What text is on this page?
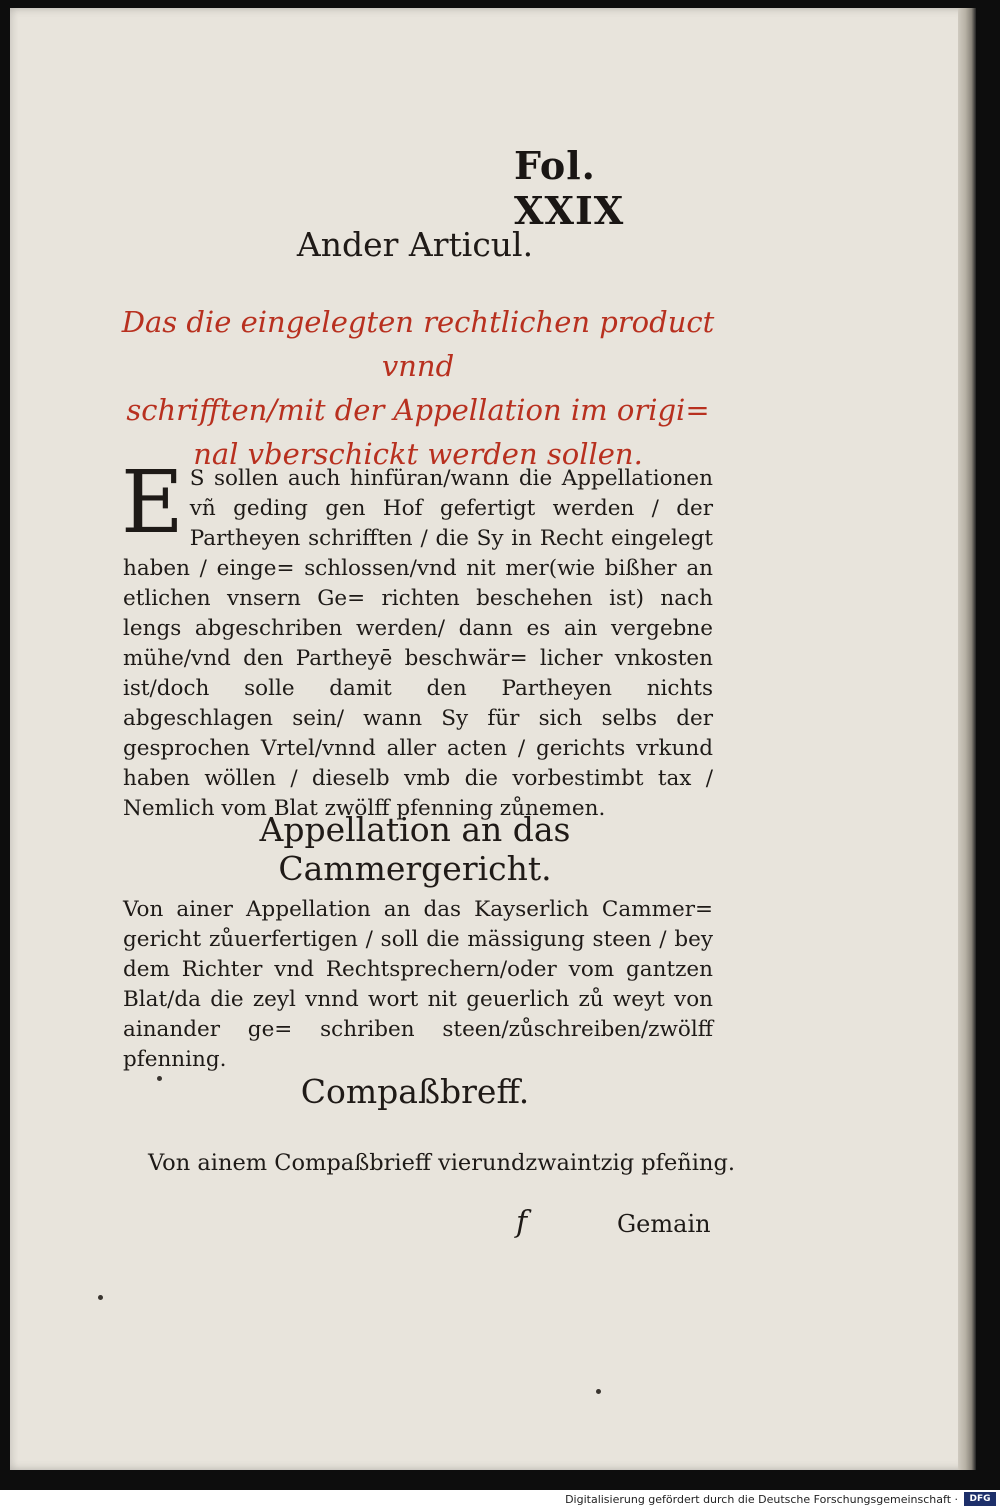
Fol. XXIX
Ander Articul.
Das die eingelegten rechtlichen product vnnd
schrifften/mit der Appellation im origi=
nal vberschickt werden sollen.
E S sollen auch hinfüran/wann die Appellationen vñ geding gen Hof gefertigt werden / der Partheyen schrifften / die Sy in Recht eingelegt haben / einge= schlossen/vnd nit mer(wie bißher an etlichen vnsern Ge= richten beschehen ist) nach lengs abgeschriben werden/ dann es ain vergebne mühe/vnd den Partheyē beschwär= licher vnkosten ist/doch solle damit den Partheyen nichts abgeschlagen sein/ wann Sy für sich selbs der gesprochen Vrtel/vnnd aller acten / gerichts vrkund haben wöllen / dieselb vmb die vorbestimbt tax / Nemlich vom Blat zwölff pfenning zůnemen.
Appellation an das Cammergericht.
Von ainer Appellation an das Kayserlich Cammer= gericht zůuerfertigen / soll die mässigung steen / bey dem Richter vnd Rechtsprechern/oder vom gantzen Blat/da die zeyl vnnd wort nit geuerlich zů weyt von ainander ge= schriben steen/zůschreiben/zwölff pfenning.
Compaßbreff.
Von ainem Compaßbrieff vierundzwaintzig pfeñing.
f	Gemain
Digitalisierung gefördert durch die Deutsche Forschungsgemeinschaft ·	DFG
